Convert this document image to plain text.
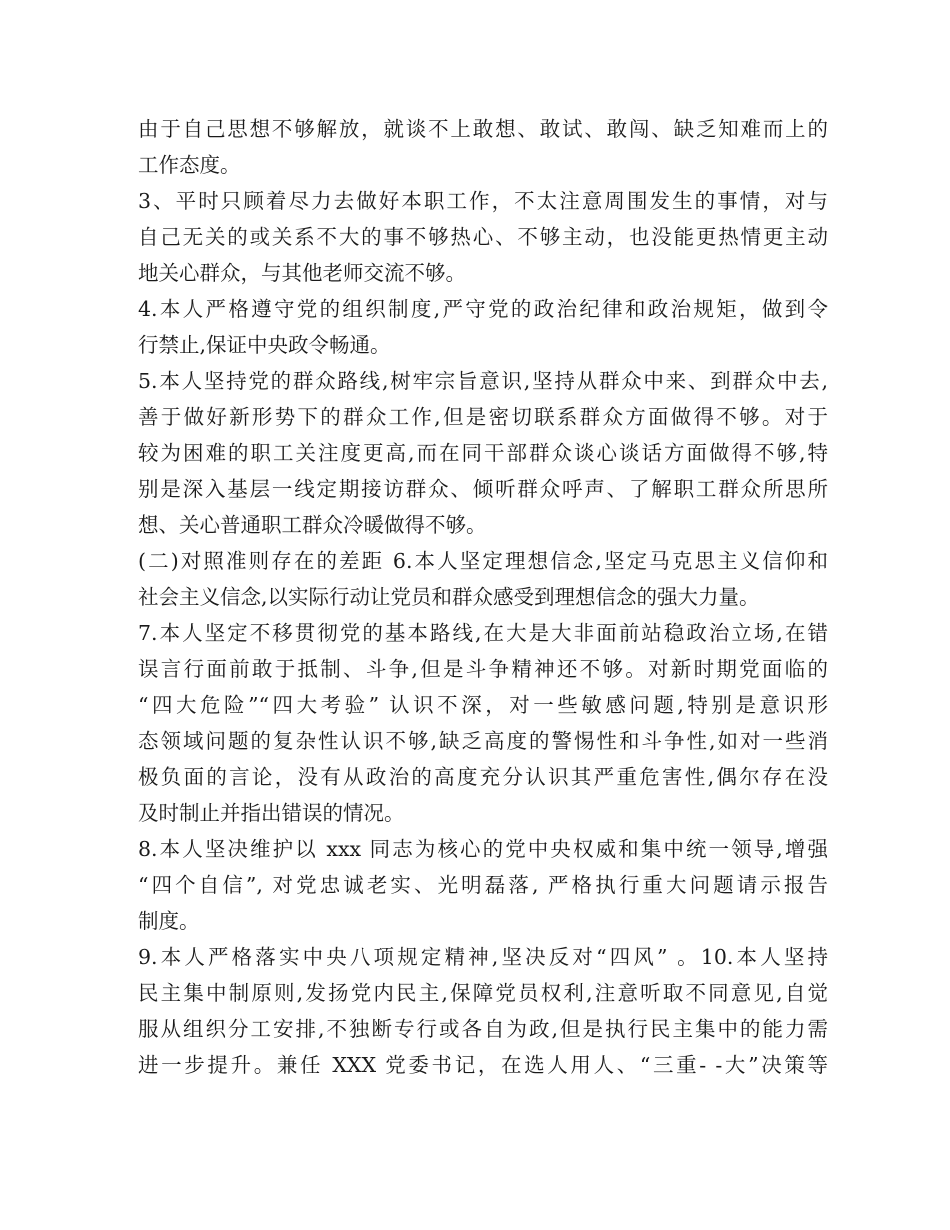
由于自己思想不够解放，就谈不上敢想、敢试、敢闯、缺乏知难而上的
工作态度。
3、平时只顾着尽力去做好本职工作，不太注意周围发生的事情，对与
自己无关的或关系不大的事不够热心、不够主动，也没能更热情更主动
地关心群众，与其他老师交流不够。
4.本人严格遵守党的组织制度,严守党的政治纪律和政治规矩，做到令
行禁止,保证中央政令畅通。
5.本人坚持党的群众路线,树牢宗旨意识,坚持从群众中来、到群众中去,
善于做好新形势下的群众工作,但是密切联系群众方面做得不够。对于
较为困难的职工关注度更高,而在同干部群众谈心谈话方面做得不够,特
别是深入基层一线定期接访群众、倾听群众呼声、了解职工群众所思所
想、关心普通职工群众冷暖做得不够。
(二)对照准则存在的差距 6.本人坚定理想信念,坚定马克思主义信仰和
社会主义信念,以实际行动让党员和群众感受到理想信念的强大力量。
7.本人坚定不移贯彻党的基本路线,在大是大非面前站稳政治立场,在错
误言行面前敢于抵制、斗争,但是斗争精神还不够。对新时期党面临的
“四大危险”“四大考验” 认识不深，对一些敏感问题,特别是意识形
态领域问题的复杂性认识不够,缺乏高度的警惕性和斗争性,如对一些消
极负面的言论，没有从政治的高度充分认识其严重危害性,偶尔存在没
及时制止并指出错误的情况。
8.本人坚决维护以 xxx 同志为核心的党中央权威和集中统一领导,增强
“四个自信”, 对党忠诚老实、光明磊落, 严格执行重大问题请示报告
制度。
9.本人严格落实中央八项规定精神,坚决反对“四风” 。10.本人坚持
民主集中制原则,发扬党内民主,保障党员权利,注意听取不同意见,自觉
服从组织分工安排,不独断专行或各自为政,但是执行民主集中的能力需
进一步提升。兼任 XXX 党委书记，在选人用人、“三重- -大”决策等
